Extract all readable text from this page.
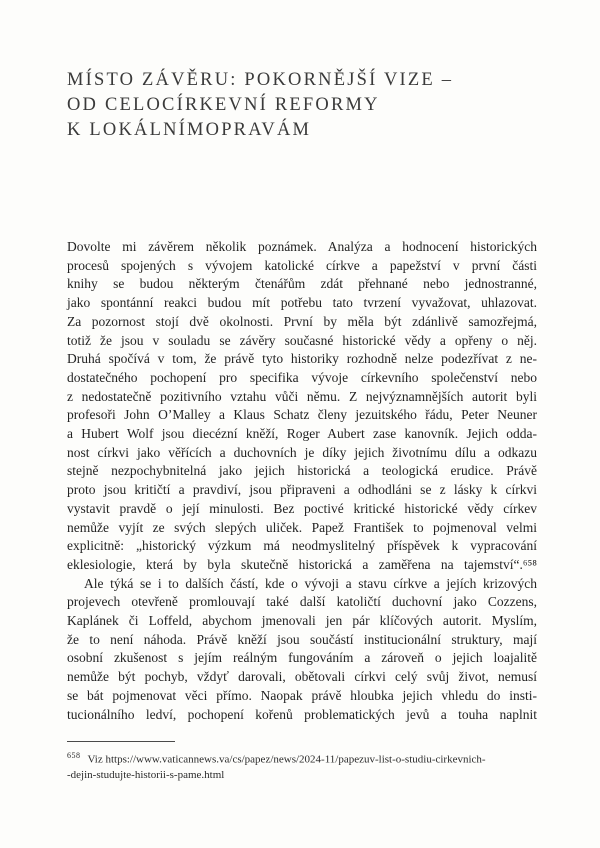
MÍSTO ZÁVĚRU: POKORNĚJŠÍ VIZE –
OD CELOCÍRKEVNÍ REFORMY
K LOKÁLNÍMOPRAVÁM
Dovolte mi závěrem několik poznámek. Analýza a hodnocení historických
procesů spojených s vývojem katolické církve a papežství v první části
knihy se budou některým čtenářům zdát přehnané nebo jednostranné,
jako spontánní reakci budou mít potřebu tato tvrzení vyvažovat, uhlazovat.
Za pozornost stojí dvě okolnosti. První by měla být zdánlivě samozřejmá,
totiž že jsou v souladu se závěry současné historické vědy a opřeny o něj.
Druhá spočívá v tom, že právě tyto historiky rozhodně nelze podezřívat z ne-
dostatečného pochopení pro specifika vývoje církevního společenství nebo
z nedostatečně pozitivního vztahu vůči němu. Z nejvýznamnějších autorit byli
profesoři John O’Malley a Klaus Schatz členy jezuitského řádu, Peter Neuner
a Hubert Wolf jsou diecézní kněží, Roger Aubert zase kanovník. Jejich odda-
nost církvi jako věřících a duchovních je díky jejich životnímu dílu a odkazu
stejně nezpochybnitelná jako jejich historická a teologická erudice. Právě
proto jsou kritičtí a pravdiví, jsou připraveni a odhodláni se z lásky k církvi
vystavit pravdě o její minulosti. Bez poctivé kritické historické vědy církev
nemůže vyjít ze svých slepých uliček. Papež František to pojmenoval velmi
explicitně: „historický výzkum má neodmyslitelný příspěvek k vypracování
eklesiologie, která by byla skutečně historická a zaměřena na tajemství“.⁶⁵⁸
Ale týká se i to dalších částí, kde o vývoji a stavu církve a jejích krizových
projevech otevřeně promlouvají také další katoličtí duchovní jako Cozzens,
Kaplánek či Loffeld, abychom jmenovali jen pár klíčových autorit. Myslím,
že to není náhoda. Právě kněží jsou součástí institucionální struktury, mají
osobní zkušenost s jejím reálným fungováním a zároveň o jejich loajalitě
nemůže být pochyb, vždyť darovali, obětovali církvi celý svůj život, nemusí
se bát pojmenovat věci přímo. Naopak právě hloubka jejich vhledu do insti-
tucionálního ledví, pochopení kořenů problematických jevů a touha naplnit
$^{658}$ Viz https://www.vaticannews.va/cs/papez/news/2024-11/papezuv-list-o-studiu-cirkevnich-
-dejin-studujte-historii-s-pame.html
